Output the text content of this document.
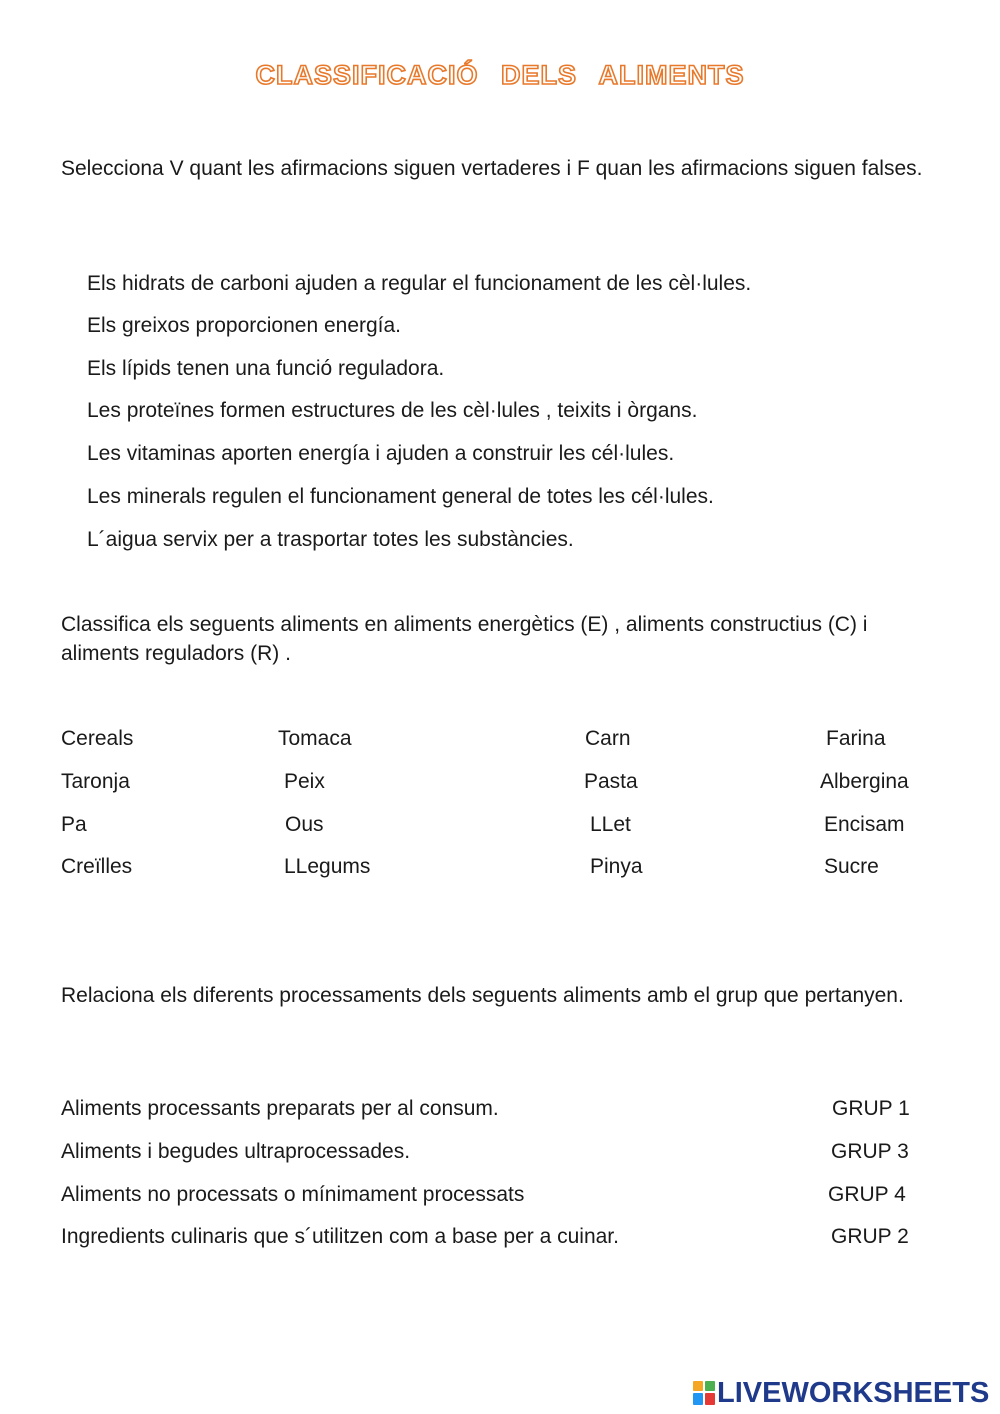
CLASSIFICACIÓ DELS ALIMENTS
Selecciona V quant les afirmacions siguen vertaderes i F quan les afirmacions siguen falses.
Els hidrats de carboni ajuden a regular el funcionament de les cèl·lules.
Els greixos proporcionen energía.
Els lípids tenen una funció reguladora.
Les proteïnes formen estructures de les cèl·lules , teixits i òrgans.
Les vitaminas aporten energía i ajuden a construir les cél·lules.
Les minerals regulen el funcionament general de totes les cél·lules.
L´aigua servix per a trasportar totes les substàncies.
Classifica els seguents aliments en aliments energètics (E) , aliments constructius (C) i aliments reguladors (R) .
Cereals	Tomaca	Carn	Farina
Taronja	Peix	Pasta	Albergina
Pa	Ous	LLet	Encisam
Creïlles	LLegums	Pinya	Sucre
Relaciona els diferents processaments dels seguents aliments amb el grup que pertanyen.
Aliments processants preparats per al consum.	GRUP 1
Aliments i begudes ultraprocessades.	GRUP 3
Aliments no processats o mínimament processats	GRUP 4
Ingredients culinaris que s´utilitzen com a base per a cuinar.	GRUP 2
LIVEWORKSHEETS
